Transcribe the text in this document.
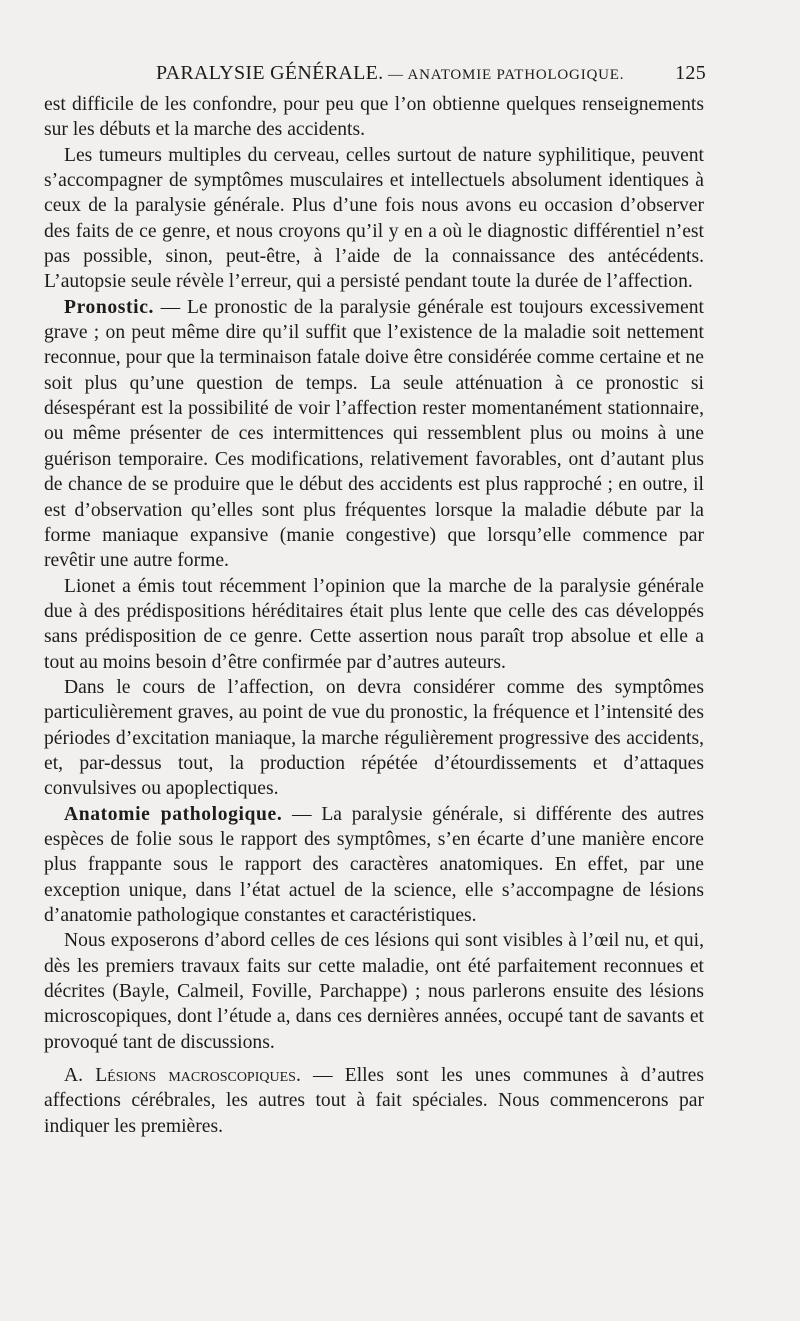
PARALYSIE GÉNÉRALE. — ANATOMIE PATHOLOGIQUE.	125

est difficile de les confondre, pour peu que l’on obtienne quelques renseignements sur les débuts et la marche des accidents.

Les tumeurs multiples du cerveau, celles surtout de nature syphilitique, peuvent s’accompagner de symptômes musculaires et intellectuels absolument identiques à ceux de la paralysie générale. Plus d’une fois nous avons eu occasion d’observer des faits de ce genre, et nous croyons qu’il y en a où le diagnostic différentiel n’est pas possible, sinon, peut-être, à l’aide de la connaissance des antécédents. L’autopsie seule révèle l’erreur, qui a persisté pendant toute la durée de l’affection.

Pronostic. — Le pronostic de la paralysie générale est toujours excessivement grave ; on peut même dire qu’il suffit que l’existence de la maladie soit nettement reconnue, pour que la terminaison fatale doive être considérée comme certaine et ne soit plus qu’une question de temps. La seule atténuation à ce pronostic si désespérant est la possibilité de voir l’affection rester momentanément stationnaire, ou même présenter de ces intermittences qui ressemblent plus ou moins à une guérison temporaire. Ces modifications, relativement favorables, ont d’autant plus de chance de se produire que le début des accidents est plus rapproché ; en outre, il est d’observation qu’elles sont plus fréquentes lorsque la maladie débute par la forme maniaque expansive (manie congestive) que lorsqu’elle commence par revêtir une autre forme.

Lionet a émis tout récemment l’opinion que la marche de la paralysie générale due à des prédispositions héréditaires était plus lente que celle des cas développés sans prédisposition de ce genre. Cette assertion nous paraît trop absolue et elle a tout au moins besoin d’être confirmée par d’autres auteurs.

Dans le cours de l’affection, on devra considérer comme des symptômes particulièrement graves, au point de vue du pronostic, la fréquence et l’intensité des périodes d’excitation maniaque, la marche régulièrement progressive des accidents, et, par-dessus tout, la production répétée d’étourdissements et d’attaques convulsives ou apoplectiques.

Anatomie pathologique. — La paralysie générale, si différente des autres espèces de folie sous le rapport des symptômes, s’en écarte d’une manière encore plus frappante sous le rapport des caractères anatomiques. En effet, par une exception unique, dans l’état actuel de la science, elle s’accompagne de lésions d’anatomie pathologique constantes et caractéristiques.

Nous exposerons d’abord celles de ces lésions qui sont visibles à l’œil nu, et qui, dès les premiers travaux faits sur cette maladie, ont été parfaitement reconnues et décrites (Bayle, Calmeil, Foville, Parchappe) ; nous parlerons ensuite des lésions microscopiques, dont l’étude a, dans ces dernières années, occupé tant de savants et provoqué tant de discussions.

A. Lésions macroscopiques. — Elles sont les unes communes à d’autres affections cérébrales, les autres tout à fait spéciales. Nous commencerons par indiquer les premières.
